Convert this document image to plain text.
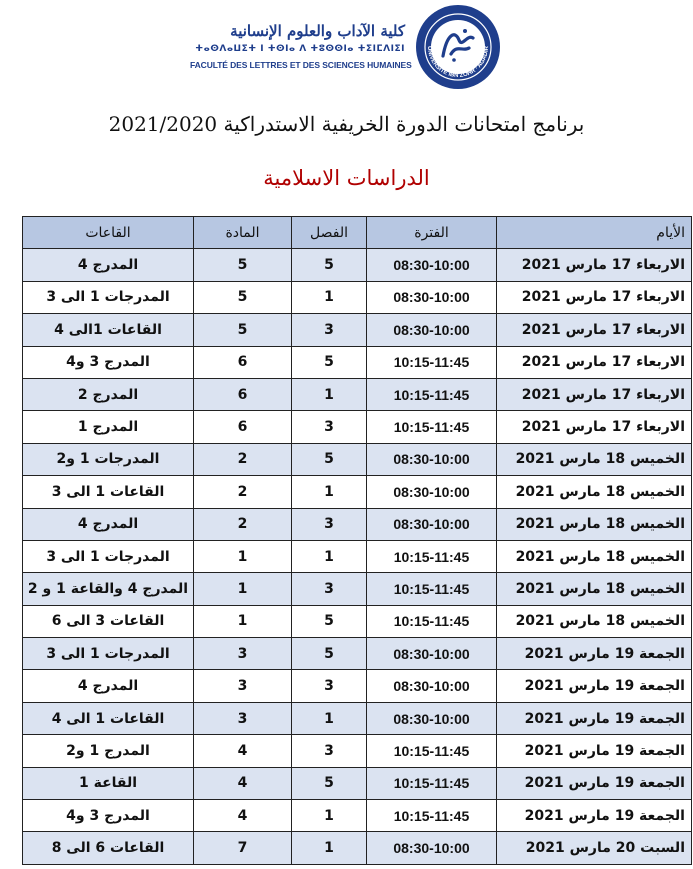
كلية الآداب والعلوم الإنسانية
ⵜⴰⵙⴷⴰⵡⵉⵜ ⵏ ⵜⵙⵏⴰ ⴷ ⵜⵓⵙⵙⵏⴰ ⵜⵉⵏⵎⴷⵏⵉⵏ
FACULTÉ DES LETTRES ET DES SCIENCES HUMAINES
UNIVERSITÉ IBN ZOHR · AGADIR
برنامج امتحانات الدورة الخريفية الاستدراكية 2021/2020
الدراسات الاسلامية
القاعات	المادة	الفصل	الفترة	الأيام
المدرج 4	5	5	08:30-10:00	الاربعاء 17 مارس 2021
المدرجات 1 الى 3	5	1	08:30-10:00	الاربعاء 17 مارس 2021
القاعات 1الى 4	5	3	08:30-10:00	الاربعاء 17 مارس 2021
المدرج 3 و4	6	5	10:15-11:45	الاربعاء 17 مارس 2021
المدرج 2	6	1	10:15-11:45	الاربعاء 17 مارس 2021
المدرج 1	6	3	10:15-11:45	الاربعاء 17 مارس 2021
المدرجات 1 و2	2	5	08:30-10:00	الخميس 18 مارس 2021
القاعات 1 الى 3	2	1	08:30-10:00	الخميس 18 مارس 2021
المدرج 4	2	3	08:30-10:00	الخميس 18 مارس 2021
المدرجات 1 الى 3	1	1	10:15-11:45	الخميس 18 مارس 2021
المدرج 4 والقاعة 1 و 2	1	3	10:15-11:45	الخميس 18 مارس 2021
القاعات 3 الى 6	1	5	10:15-11:45	الخميس 18 مارس 2021
المدرجات 1 الى 3	3	5	08:30-10:00	الجمعة 19 مارس 2021
المدرج 4	3	3	08:30-10:00	الجمعة 19 مارس 2021
القاعات 1 الى 4	3	1	08:30-10:00	الجمعة 19 مارس 2021
المدرج 1 و2	4	3	10:15-11:45	الجمعة 19 مارس 2021
القاعة 1	4	5	10:15-11:45	الجمعة 19 مارس 2021
المدرج 3 و4	4	1	10:15-11:45	الجمعة 19 مارس 2021
القاعات 6 الى 8	7	1	08:30-10:00	السبت 20 مارس 2021
